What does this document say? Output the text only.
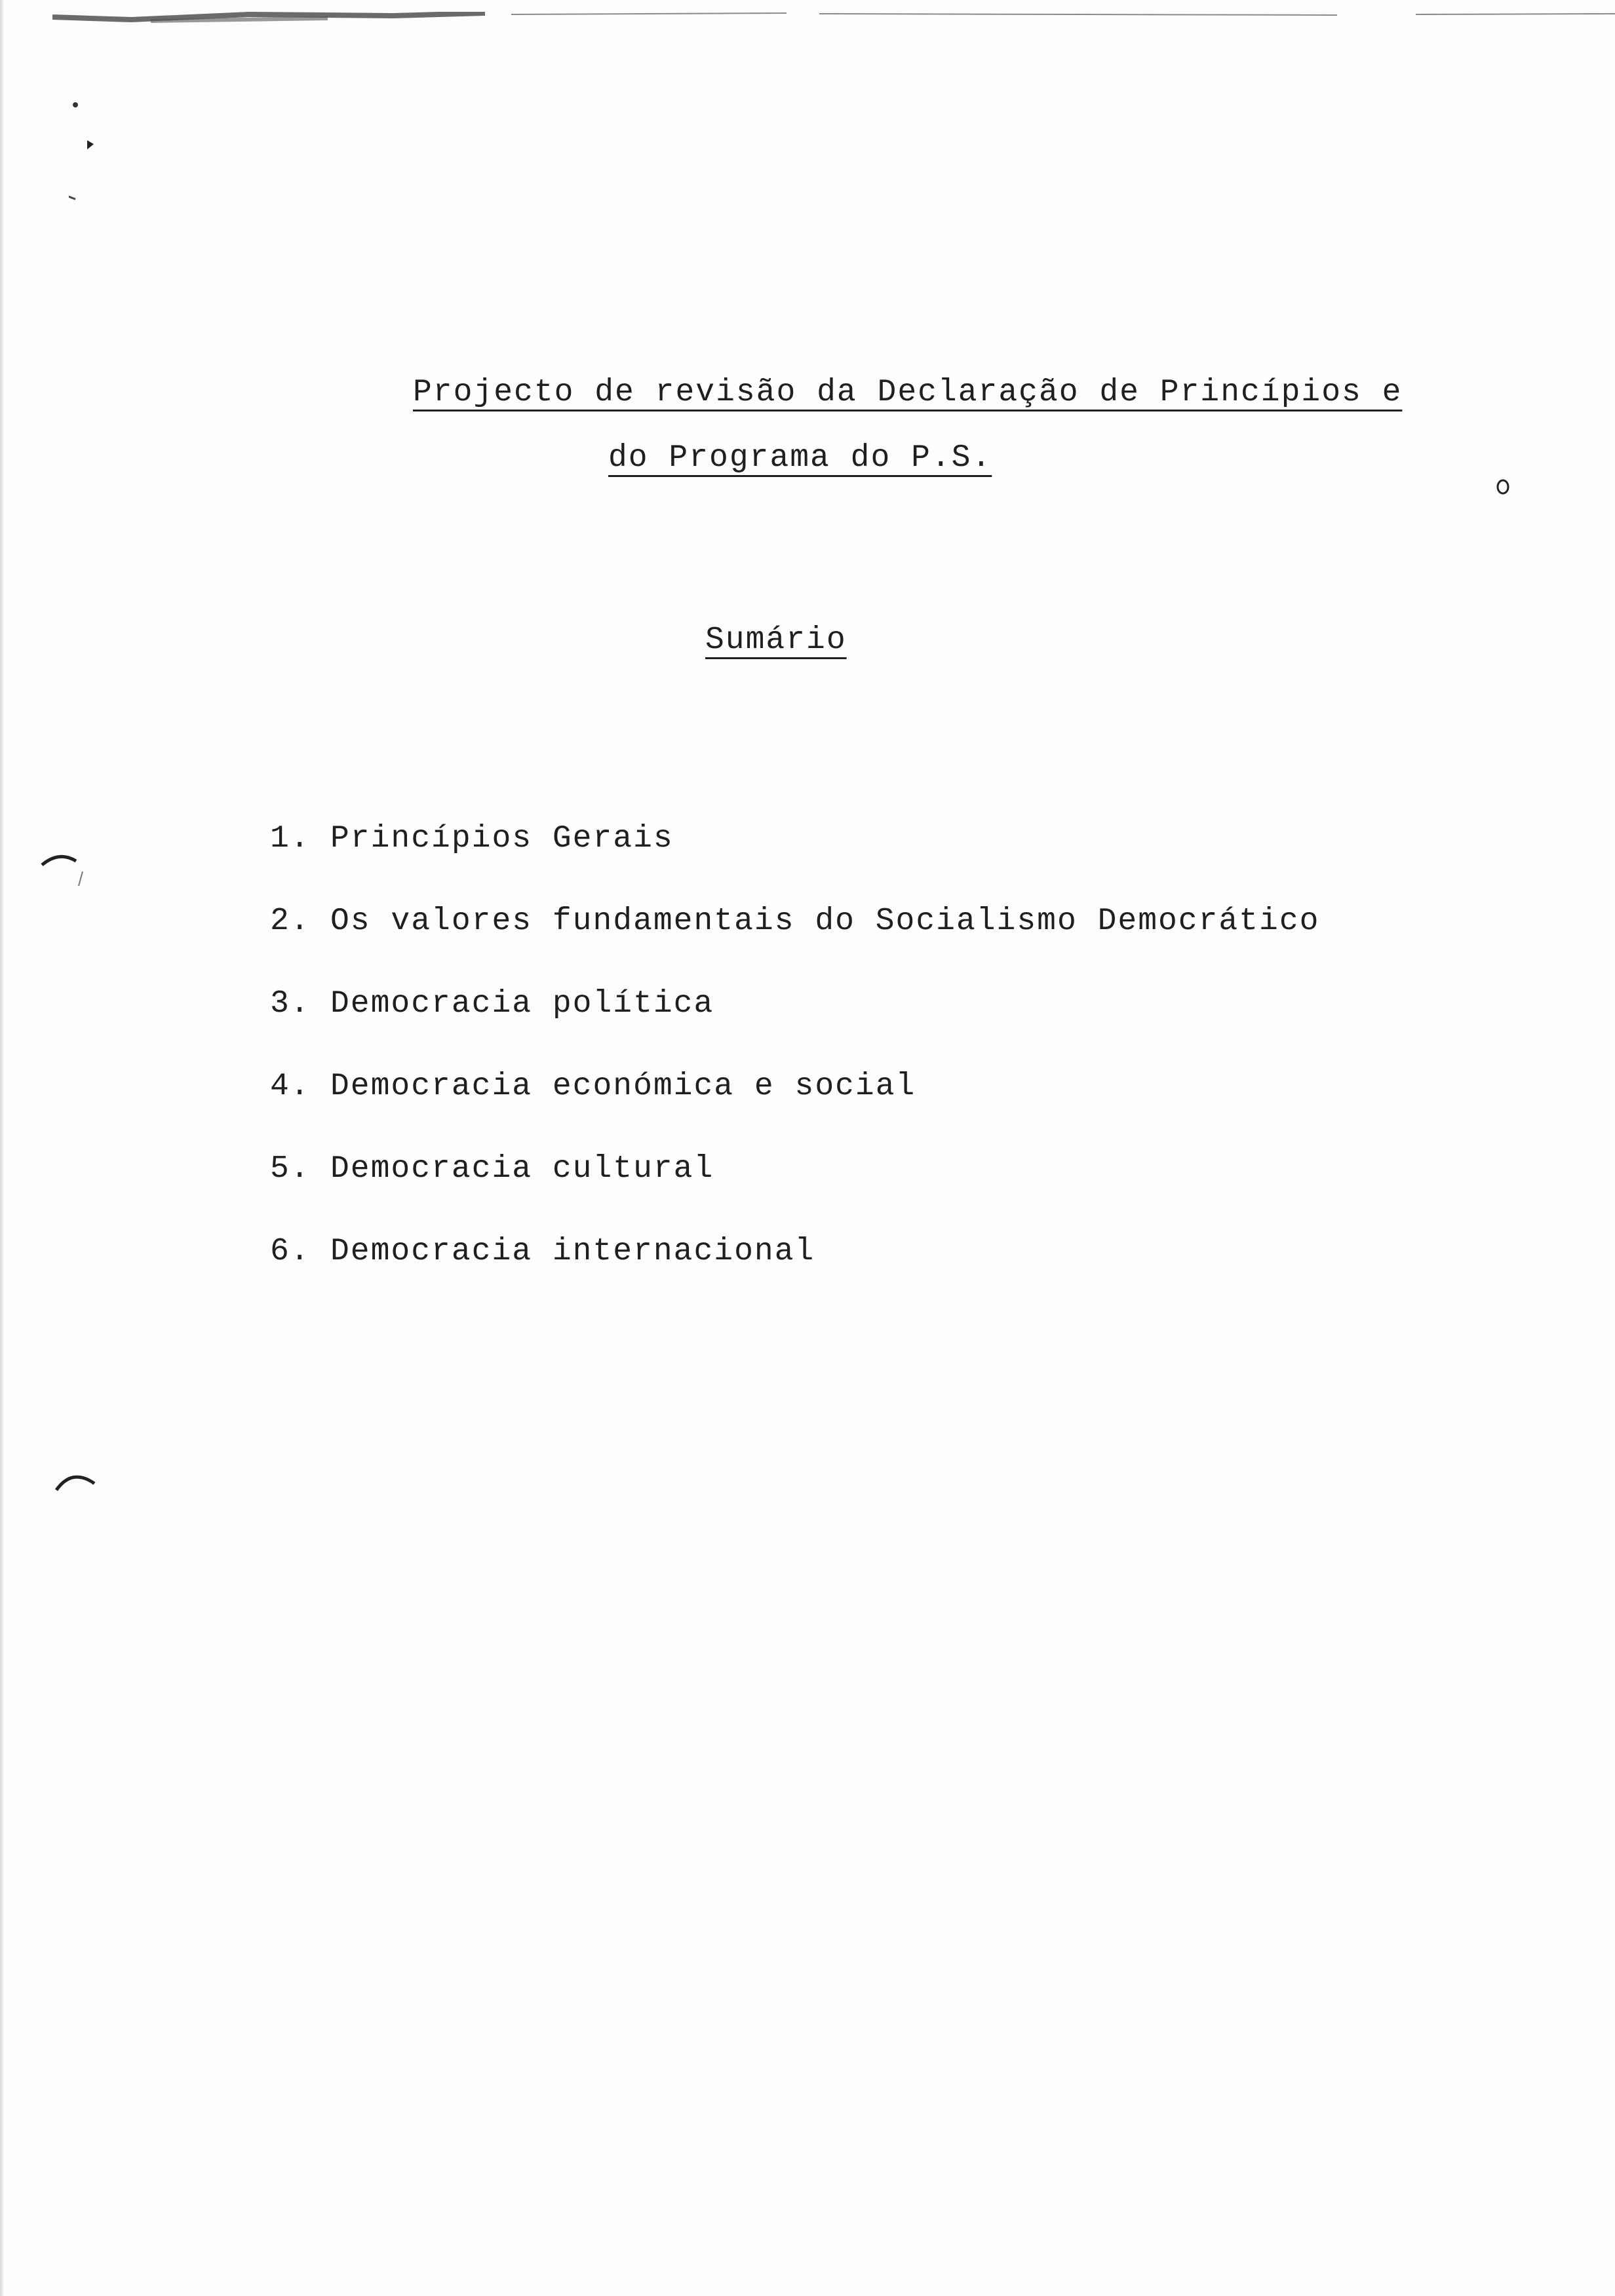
Projecto de revisão da Declaração de Princípios e
do Programa do P.S.
Sumário
1. Princípios Gerais
2. Os valores fundamentais do Socialismo Democrático
3. Democracia política
4. Democracia económica e social
5. Democracia cultural
6. Democracia internacional
